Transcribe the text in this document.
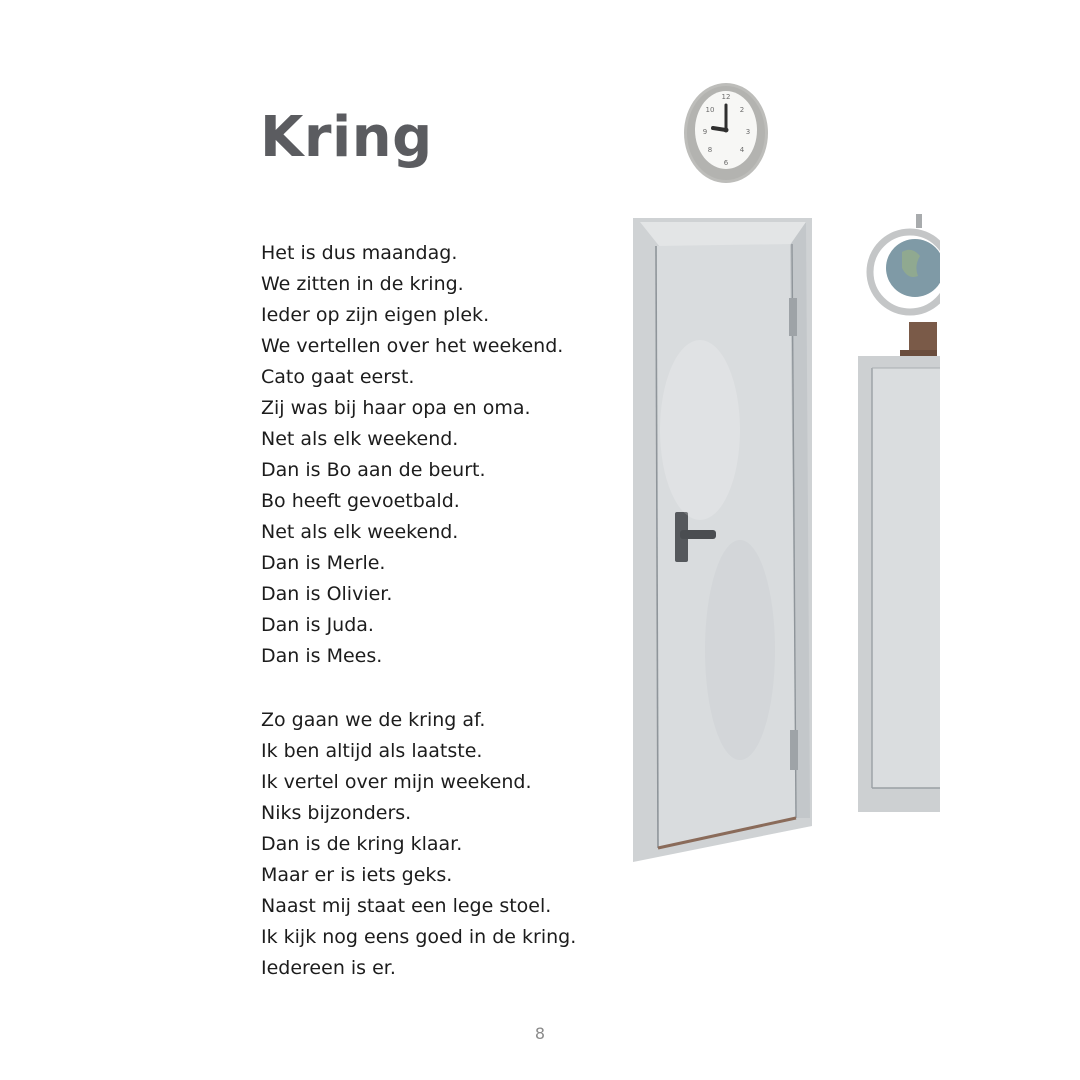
Kring
Het is dus maandag.
We zitten in de kring.
Ieder op zijn eigen plek.
We vertellen over het weekend.
Cato gaat eerst.
Zij was bij haar opa en oma.
Net als elk weekend.
Dan is Bo aan de beurt.
Bo heeft gevoetbald.
Net als elk weekend.
Dan is Merle.
Dan is Olivier.
Dan is Juda.
Dan is Mees.
Zo gaan we de kring af.
Ik ben altijd als laatste.
Ik vertel over mijn weekend.
Niks bijzonders.
Dan is de kring klaar.
Maar er is iets geks.
Naast mij staat een lege stoel.
Ik kijk nog eens goed in de kring.
Iedereen is er.
12
2
3
4
6
8
9
10
8
